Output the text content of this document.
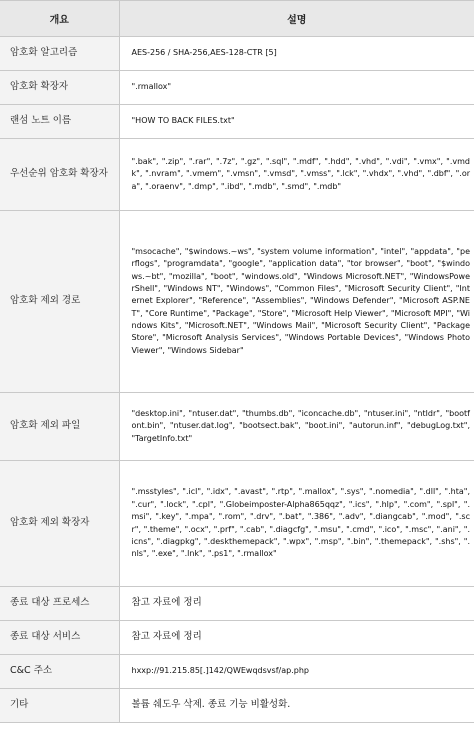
개요	설명
암호화 알고리즘	AES-256 / SHA-256,AES-128-CTR [5]
암호화 확장자	".rmallox"
랜섬 노트 이름	"HOW TO BACK FILES.txt"
우선순위 암호화 확장자	".bak", ".zip", ".rar", ".7z", ".gz", ".sql", ".mdf", ".hdd", ".vhd", ".vdi", ".vmx", ".vmdk", ".nvram", ".vmem", ".vmsn", ".vmsd", ".vmss", ".lck", ".vhdx", ".vhd", ".dbf", ".ora", ".oraenv", ".dmp", ".ibd", ".mdb", ".smd", ".mdb"
암호화 제외 경로	"msocache", "$windows.~ws", "system volume information", "intel", "appdata", "perflogs", "programdata", "google", "application data", "tor browser", "boot", "$windows.~bt", "mozilla", "boot", "windows.old", "Windows Microsoft.NET", "WindowsPowerShell", "Windows NT", "Windows", "Common Files", "Microsoft Security Client", "Internet Explorer", "Reference", "Assemblies", "Windows Defender", "Microsoft ASP.NET", "Core Runtime", "Package", "Store", "Microsoft Help Viewer", "Microsoft MPI", "Windows Kits", "Microsoft.NET", "Windows Mail", "Microsoft Security Client", "Package Store", "Microsoft Analysis Services", "Windows Portable Devices", "Windows Photo Viewer", "Windows Sidebar"
암호화 제외 파일	"desktop.ini", "ntuser.dat", "thumbs.db", "iconcache.db", "ntuser.ini", "ntldr", "bootfont.bin", "ntuser.dat.log", "bootsect.bak", "boot.ini", "autorun.inf", "debugLog.txt", "TargetInfo.txt"
암호화 제외 확장자	".msstyles", ".icl", ".idx", ".avast", ".rtp", ".mallox", ".sys", ".nomedia", ".dll", ".hta", ".cur", ".lock", ".cpl", ".Globeimposter-Alpha865qqz", ".ics", ".hlp", ".com", ".spl", ".msi", ".key", ".mpa", ".rom", ".drv", ".bat", ".386", ".adv", ".diangcab", ".mod", ".scr", ".theme", ".ocx", ".prf", ".cab", ".diagcfg", ".msu", ".cmd", ".ico", ".msc", ".ani", ".icns", ".diagpkg", ".deskthemepack", ".wpx", ".msp", ".bin", ".themepack", ".shs", ".nls", ".exe", ".lnk", ".ps1", ".rmallox"
종료 대상 프로세스	참고 자료에 정리
종료 대상 서비스	참고 자료에 정리
C&C 주소	hxxp://91.215.85[.]142/QWEwqdsvsf/ap.php
기타	볼륨 쉐도우 삭제. 종료 기능 비활성화.
